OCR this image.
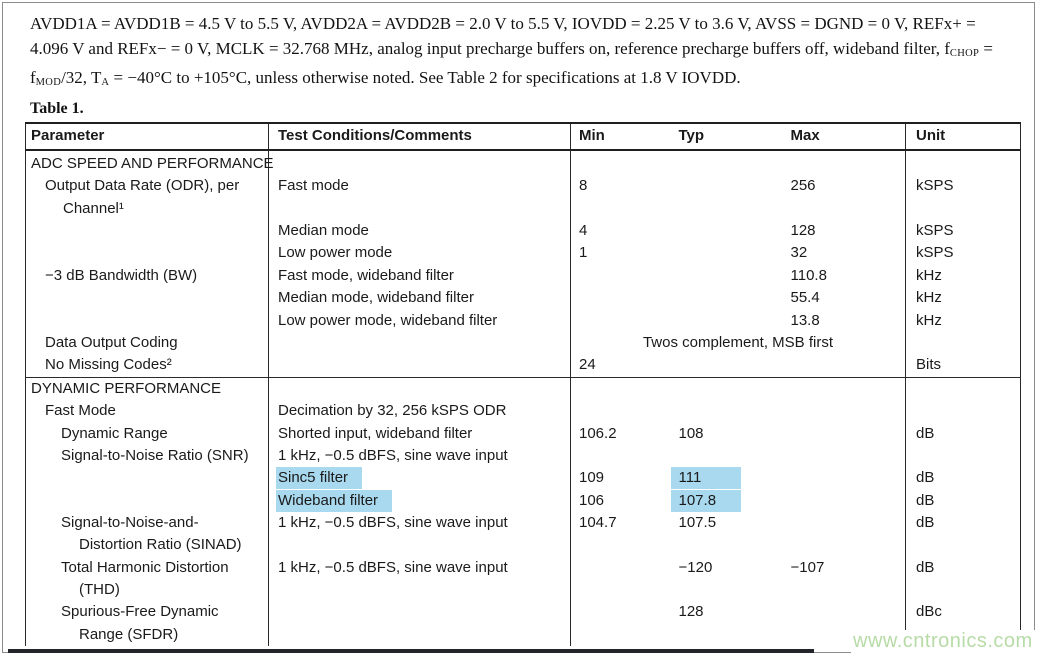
AVDD1A = AVDD1B = 4.5 V to 5.5 V, AVDD2A = AVDD2B = 2.0 V to 5.5 V, IOVDD = 2.25 V to 3.6 V, AVSS = DGND = 0 V, REFx+ =
4.096 V and REFx− = 0 V, MCLK = 32.768 MHz, analog input precharge buffers on, reference precharge buffers off, wideband filter, $f_{CHOP}$ =
$f_{MOD}/32$, $T_A = -40^\circ C$ to +105°C, unless otherwise noted. See Table 2 for specifications at 1.8 V IOVDD.
Table 1.
Parameter	Test Conditions/Comments	Min	Typ	Max	Unit
ADC SPEED AND PERFORMANCE					

Output Data Rate (ODR), per
Channel¹	Fast mode	8		256	kSPS
	Median mode	4		128	kSPS
	Low power mode	1		32	kSPS

−3 dB Bandwidth (BW)	Fast mode, wideband filter			110.8	kHz
	Median mode, wideband filter			55.4	kHz
	Low power mode, wideband filter			13.8	kHz

Data Output Coding		Twos complement, MSB first			

No Missing Codes²		24			Bits
DYNAMIC PERFORMANCE					

Fast Mode	Decimation by 32, 256 kSPS ODR				

Dynamic Range	Shorted input, wideband filter	106.2	108		dB

Signal-to-Noise Ratio (SNR)	1 kHz, −0.5 dBFS, sine wave input				
	Sinc5 filter	109	111		dB
	Wideband filter	106	107.8		dB

Signal-to-Noise-and-
Distortion Ratio (SINAD)	1 kHz, −0.5 dBFS, sine wave input	104.7	107.5		dB

Total Harmonic Distortion
(THD)	1 kHz, −0.5 dBFS, sine wave input		−120	−107	dB

Spurious-Free Dynamic
Range (SFDR)			128		dBc
www.cntronics.com
